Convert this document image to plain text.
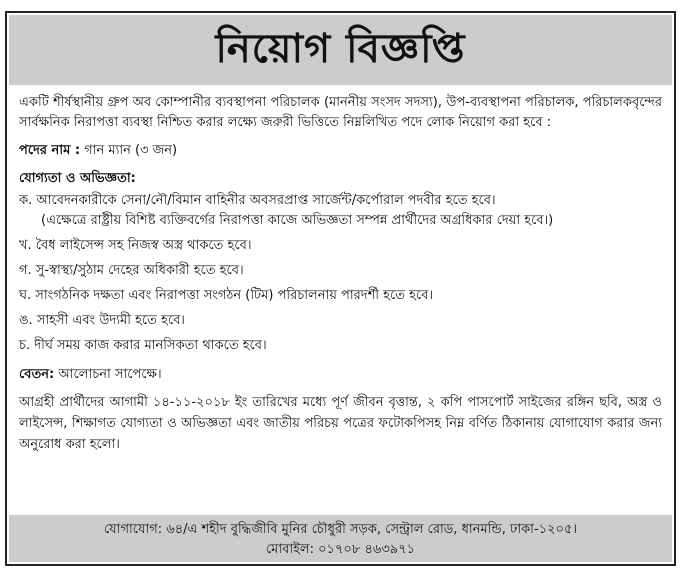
নিয়োগ বিজ্ঞপ্তি

একটি শীর্ষস্থানীয় গ্রুপ অব কোম্পানীর ব্যবস্থাপনা পরিচালক (মাননীয় সংসদ সদস্য), উপ-ব্যবস্থাপনা পরিচালক, পরিচালকবৃন্দের সার্বক্ষনিক নিরাপত্তা ব্যবস্থা নিশ্চিত করার লক্ষ্যে জরুরী ভিত্তিতে নিম্নলিখিত পদে লোক নিয়োগ করা হবে :

পদের নাম : গান ম্যান (৩ জন)

যোগ্যতা ও অভিজ্ঞতা:

ক. আবেদনকারীকে সেনা/নৌ/বিমান বাহিনীর অবসরপ্রাপ্ত সার্জেন্ট/কর্পোরাল পদবীর হতে হবে।

(এক্ষেত্রে রাষ্ট্রীয় বিশিষ্ট ব্যক্তিবর্গের নিরাপত্তা কাজে অভিজ্ঞতা সম্পন্ন প্রার্থীদের অগ্রধিকার দেয়া হবে।)

খ. বৈধ লাইসেন্স সহ নিজস্ব অস্ত্র থাকতে হবে।

গ. সু-স্বাস্থ্য/সুঠাম দেহের অধিকারী হতে হবে।

ঘ. সাংগঠনিক দক্ষতা এবং নিরাপত্তা সংগঠন (টিম) পরিচালনায় পারদর্শী হতে হবে।

ঙ. সাহসী এবং উদ্যমী হতে হবে।

চ. দীর্ঘ সময় কাজ করার মানসিকতা থাকতে হবে।

বেতন: আলোচনা সাপেক্ষে।

আগ্রহী প্রার্থীদের আগামী ১৪-১১-২০১৮ ইং তারিখের মধ্যে পূর্ণ জীবন বৃত্তান্ত, ২ কপি পাসপোর্ট সাইজের রঙ্গিন ছবি, অস্ত্র ও লাইসেন্স, শিক্ষাগত যোগ্যতা ও অভিজ্ঞতা এবং জাতীয় পরিচয় পত্রের ফটোকপিসহ নিম্ন বর্ণিত ঠিকানায় যোগাযোগ করার জন্য অনুরোধ করা হলো।

যোগাযোগ: ৬৪/এ শহীদ বুদ্ধিজীবি মুনির চৌধুরী সড়ক, সেন্ট্রাল রোড, ধানমন্ডি, ঢাকা-১২০৫।
মোবাইল: ০১৭০৮ ৪৬৩৯৭১
